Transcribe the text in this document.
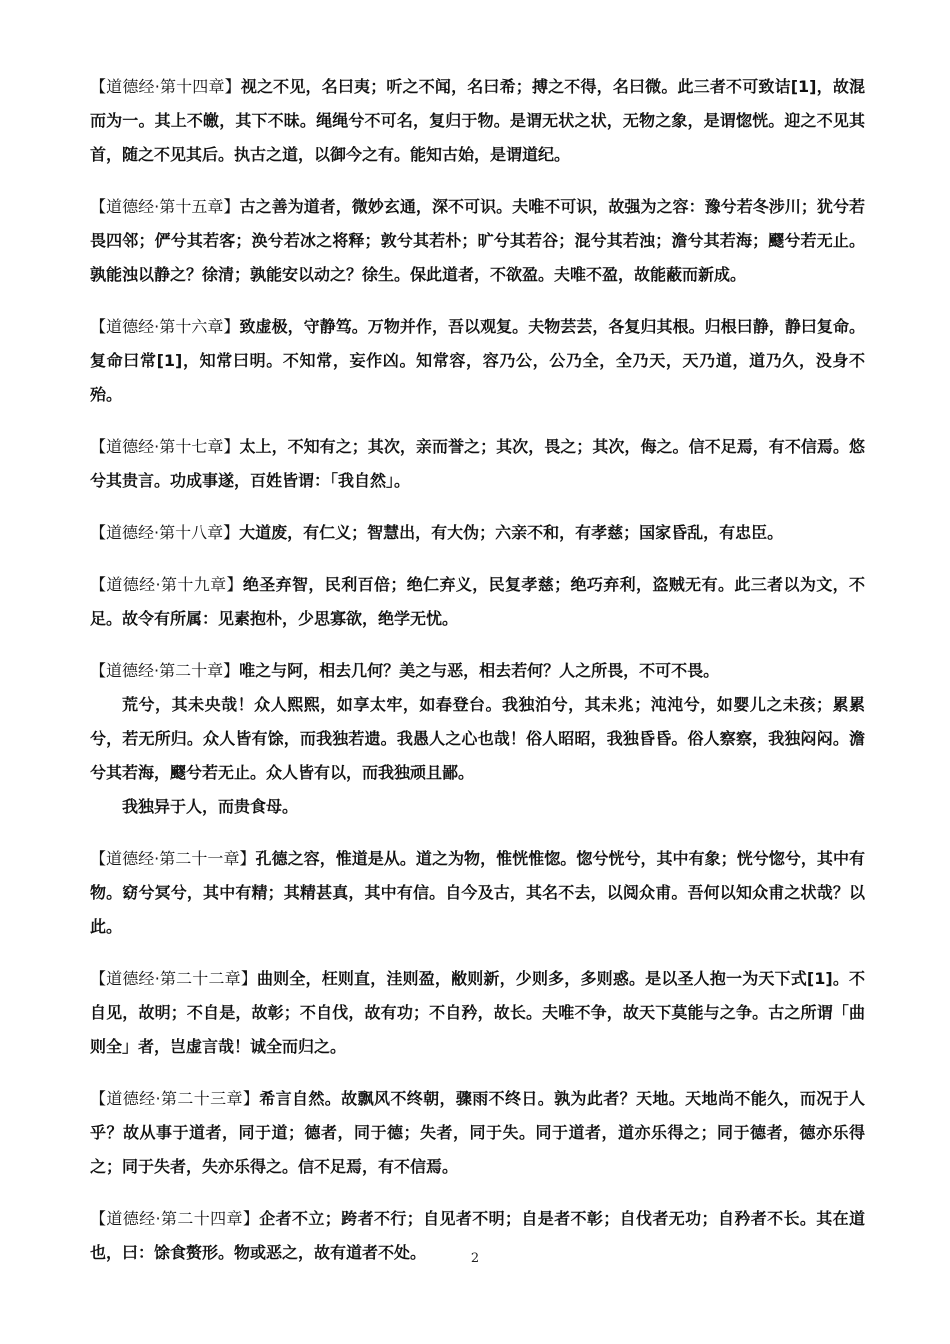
【道德经·第十四章】视之不见，名曰夷；听之不闻，名曰希；搏之不得，名曰微。此三者不可致诘[1]，故混而为一。其上不皦，其下不昧。绳绳兮不可名，复归于物。是谓无状之状，无物之象，是谓惚恍。迎之不见其首，随之不见其后。执古之道，以御今之有。能知古始，是谓道纪。

【道德经·第十五章】古之善为道者，微妙玄通，深不可识。夫唯不可识，故强为之容：豫兮若冬涉川；犹兮若畏四邻；俨兮其若客；涣兮若冰之将释；敦兮其若朴；旷兮其若谷；混兮其若浊；澹兮其若海；飂兮若无止。孰能浊以静之？徐清；孰能安以动之？徐生。保此道者，不欲盈。夫唯不盈，故能蔽而新成。

【道德经·第十六章】致虚极，守静笃。万物并作，吾以观复。夫物芸芸，各复归其根。归根曰静，静曰复命。复命曰常[1]，知常曰明。不知常，妄作凶。知常容，容乃公，公乃全，全乃天，天乃道，道乃久，没身不殆。

【道德经·第十七章】太上，不知有之；其次，亲而誉之；其次，畏之；其次，侮之。信不足焉，有不信焉。悠兮其贵言。功成事遂，百姓皆谓：「我自然」。

【道德经·第十八章】大道废，有仁义；智慧出，有大伪；六亲不和，有孝慈；国家昏乱，有忠臣。

【道德经·第十九章】绝圣弃智，民利百倍；绝仁弃义，民复孝慈；绝巧弃利，盗贼无有。此三者以为文，不足。故令有所属：见素抱朴，少思寡欲，绝学无忧。

【道德经·第二十章】唯之与阿，相去几何？美之与恶，相去若何？人之所畏，不可不畏。

荒兮，其未央哉！众人熙熙，如享太牢，如春登台。我独泊兮，其未兆；沌沌兮，如婴儿之未孩；累累兮，若无所归。众人皆有馀，而我独若遗。我愚人之心也哉！俗人昭昭，我独昏昏。俗人察察，我独闷闷。澹兮其若海，飂兮若无止。众人皆有以，而我独顽且鄙。

我独异于人，而贵食母。

【道德经·第二十一章】孔德之容，惟道是从。道之为物，惟恍惟惚。惚兮恍兮，其中有象；恍兮惚兮，其中有物。窈兮冥兮，其中有精；其精甚真，其中有信。自今及古，其名不去，以阅众甫。吾何以知众甫之状哉？以此。

【道德经·第二十二章】曲则全，枉则直，洼则盈，敝则新，少则多，多则惑。是以圣人抱一为天下式[1]。不自见，故明；不自是，故彰；不自伐，故有功；不自矜，故长。夫唯不争，故天下莫能与之争。古之所谓「曲则全」者，岂虚言哉！诚全而归之。

【道德经·第二十三章】希言自然。故飘风不终朝，骤雨不终日。孰为此者？天地。天地尚不能久，而况于人乎？故从事于道者，同于道；德者，同于德；失者，同于失。同于道者，道亦乐得之；同于德者，德亦乐得之；同于失者，失亦乐得之。信不足焉，有不信焉。

【道德经·第二十四章】企者不立；跨者不行；自见者不明；自是者不彰；自伐者无功；自矜者不长。其在道也，曰：馀食赘形。物或恶之，故有道者不处。	2
